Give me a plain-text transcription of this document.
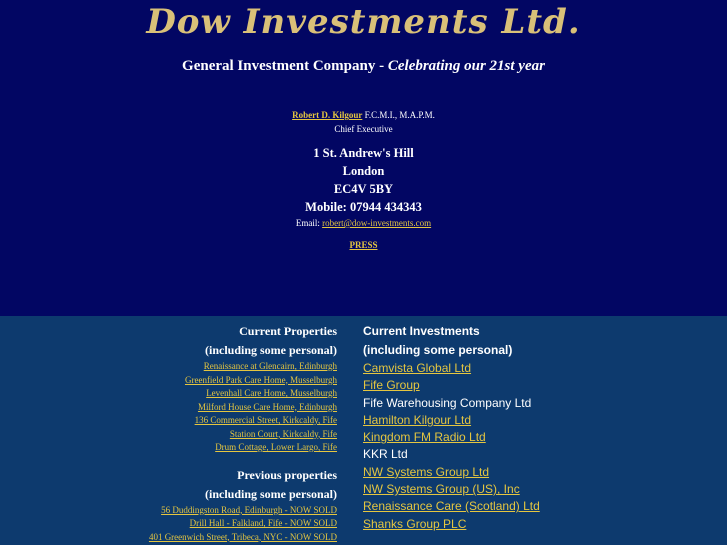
Dow Investments Ltd.
General Investment Company - Celebrating our 21st year
Robert D. Kilgour F.C.M.I., M.A.P.M.
Chief Executive
1 St. Andrew's Hill
London
EC4V 5BY
Mobile: 07944 434343
Email: robert@dow-investments.com
PRESS
Current Properties
(including some personal)
Renaissance at Glencairn, Edinburgh
Greenfield Park Care Home, Musselburgh
Levenhall Care Home, Musselburgh
Milford House Care Home, Edinburgh
136 Commercial Street, Kirkcaldy, Fife
Station Court, Kirkcaldy, Fife
Drum Cottage, Lower Largo, Fife
Previous properties
(including some personal)
56 Duddingston Road, Edinburgh - NOW SOLD
Drill Hall - Falkland, Fife - NOW SOLD
401 Greenwich Street, Tribeca, NYC - NOW SOLD
Current Investments
(including some personal)
Camvista Global Ltd
Fife Group
Fife Warehousing Company Ltd
Hamilton Kilgour Ltd
Kingdom FM Radio Ltd
KKR Ltd
NW Systems Group Ltd
NW Systems Group (US), Inc
Renaissance Care (Scotland) Ltd
Shanks Group PLC
